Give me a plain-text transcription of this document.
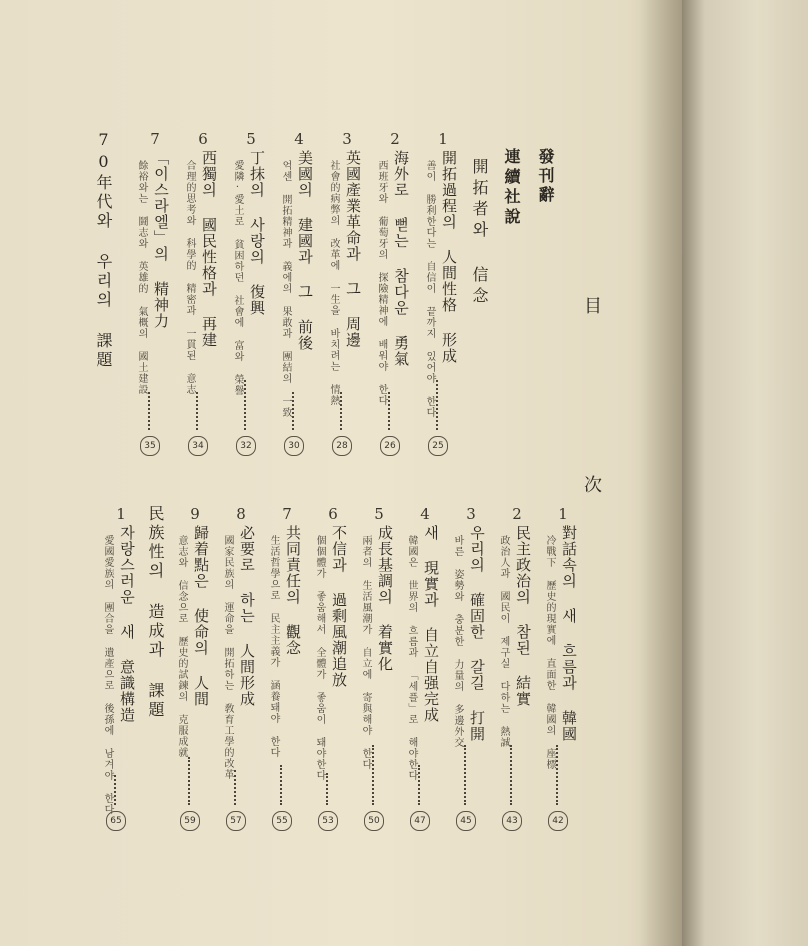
目 次
發刊辭
連續社說
開拓者와 信念
1
開拓過程의 人間性格 形成
善이 勝利한다는 自信이 끝까지 있어야 한다
25
2
海外로 뻗는 참다운 勇氣
西班牙와 葡萄牙의 探險精神에 배워야 한다
26
3
英國產業革命과 그 周邊
社會的病弊의 改革에 一生을 바치려는 情熱
28
4
美國의 建國과 그 前後
억센 開拓精神과 義에의 果敢과 團結의 一致
30
5
丁抹의 사랑의 復興
愛隣·愛土로 貧困하던 社會에 富와 榮譽
32
6
西獨의 國民性格과 再建
合理的思考와 科學的 精密과 一貫된 意志
34
7
「이스라엘」의 精神力
餘裕와는 鬪志와 英雄的 氣概의 國土建設
35
70年代와 우리의 課題
1
對話속의 새 흐름과 韓國
冷戰下 歷史的現實에 直面한 韓國의 座標
42
2
民主政治의 참된 結實
政治人과 國民이 제구실 다하는 熱誠
43
3
우리의 確固한 갈길 打開
바른 姿勢와 충분한 力量의 多邊外交
45
4
새 現實과 自立自强完成
韓國은 世界의 흐름과 「세플」로 해야한다
47
5
成長基調의 着實化
兩者의 生活風潮가 自立에 寄與해야 한다
50
6
不信과 過剩風潮追放
個個體가 좋움해서 全體가 좋움이 돼야한다
53
7
共同責任의 觀念
生活哲學으로 民主主義가 涵養돼야 한다
55
8
必要로 하는 人間形成
國家民族의 運命을 開拓하는 敎育工學的改革
57
9
歸着點은 使命의 人間
意志와 信念으로 歷史的試鍊의 克服成就
59
民族性의 造成과 課題
1
자랑스러운 새 意識構造
愛國愛族의 團合을 遺產으로 後孫에 남겨야 한다
65
